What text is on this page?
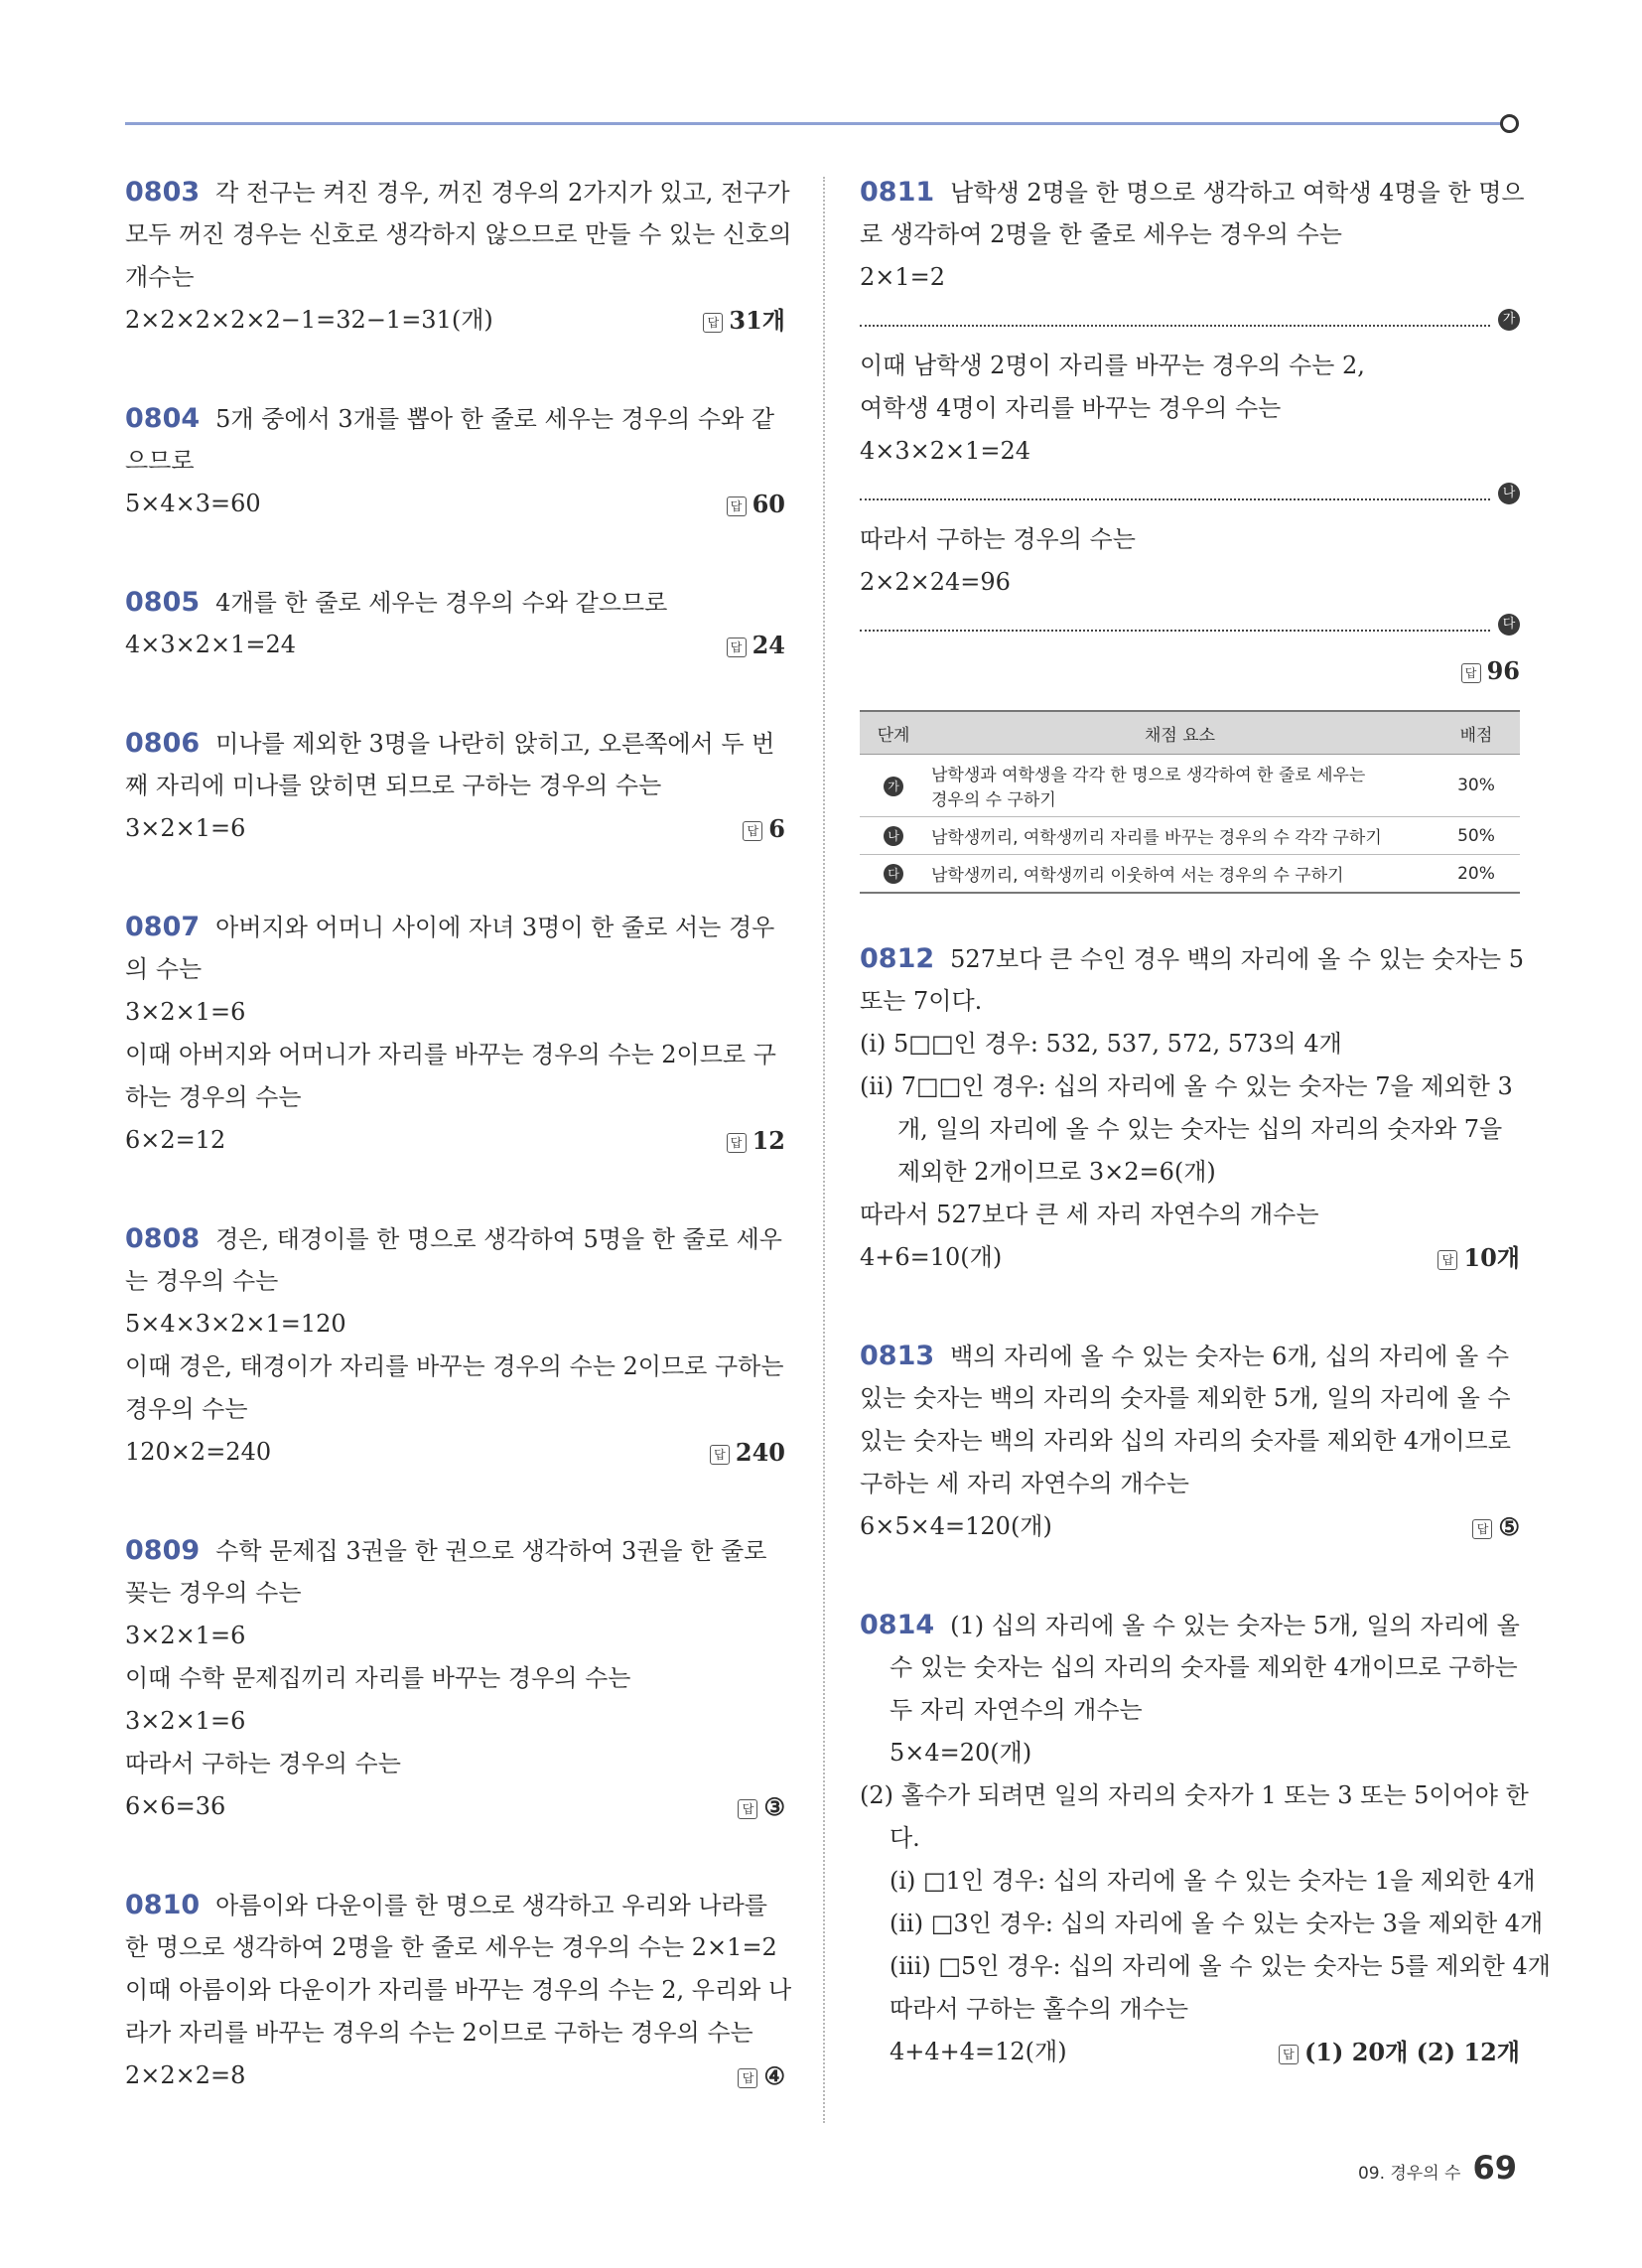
0803 각 전구는 켜진 경우, 꺼진 경우의 2가지가 있고, 전구가
모두 꺼진 경우는 신호로 생각하지 않으므로 만들 수 있는 신호의
개수는
2×2×2×2×2−1=32−1=31(개)	답 31개
0804 5개 중에서 3개를 뽑아 한 줄로 세우는 경우의 수와 같
으므로
5×4×3=60	답 60
0805 4개를 한 줄로 세우는 경우의 수와 같으므로
4×3×2×1=24	답 24
0806 미나를 제외한 3명을 나란히 앉히고, 오른쪽에서 두 번
째 자리에 미나를 앉히면 되므로 구하는 경우의 수는
3×2×1=6	답 6
0807 아버지와 어머니 사이에 자녀 3명이 한 줄로 서는 경우
의 수는
3×2×1=6
이때 아버지와 어머니가 자리를 바꾸는 경우의 수는 2이므로 구
하는 경우의 수는
6×2=12	답 12
0808 경은, 태경이를 한 명으로 생각하여 5명을 한 줄로 세우
는 경우의 수는
5×4×3×2×1=120
이때 경은, 태경이가 자리를 바꾸는 경우의 수는 2이므로 구하는
경우의 수는
120×2=240	답 240
0809 수학 문제집 3권을 한 권으로 생각하여 3권을 한 줄로
꽂는 경우의 수는
3×2×1=6
이때 수학 문제집끼리 자리를 바꾸는 경우의 수는
3×2×1=6
따라서 구하는 경우의 수는
6×6=36	답 ③
0810 아름이와 다운이를 한 명으로 생각하고 우리와 나라를
한 명으로 생각하여 2명을 한 줄로 세우는 경우의 수는 2×1=2
이때 아름이와 다운이가 자리를 바꾸는 경우의 수는 2, 우리와 나
라가 자리를 바꾸는 경우의 수는 2이므로 구하는 경우의 수는
2×2×2=8	답 ④
0811 남학생 2명을 한 명으로 생각하고 여학생 4명을 한 명으
로 생각하여 2명을 한 줄로 세우는 경우의 수는
2×1=2
가
이때 남학생 2명이 자리를 바꾸는 경우의 수는 2,
여학생 4명이 자리를 바꾸는 경우의 수는
4×3×2×1=24
나
따라서 구하는 경우의 수는
2×2×24=96
다
답 96
단계	채점 요소	배점
가	남학생과 여학생을 각각 한 명으로 생각하여 한 줄로 세우는
경우의 수 구하기	30%
나	남학생끼리, 여학생끼리 자리를 바꾸는 경우의 수 각각 구하기	50%
다	남학생끼리, 여학생끼리 이웃하여 서는 경우의 수 구하기	20%
0812 527보다 큰 수인 경우 백의 자리에 올 수 있는 숫자는 5
또는 7이다.
(ⅰ) 5□□인 경우: 532, 537, 572, 573의 4개
(ⅱ) 7□□인 경우: 십의 자리에 올 수 있는 숫자는 7을 제외한 3
개, 일의 자리에 올 수 있는 숫자는 십의 자리의 숫자와 7을
제외한 2개이므로 3×2=6(개)
따라서 527보다 큰 세 자리 자연수의 개수는
4+6=10(개)	답 10개
0813 백의 자리에 올 수 있는 숫자는 6개, 십의 자리에 올 수
있는 숫자는 백의 자리의 숫자를 제외한 5개, 일의 자리에 올 수
있는 숫자는 백의 자리와 십의 자리의 숫자를 제외한 4개이므로
구하는 세 자리 자연수의 개수는
6×5×4=120(개)	답 ⑤
0814 (1) 십의 자리에 올 수 있는 숫자는 5개, 일의 자리에 올
수 있는 숫자는 십의 자리의 숫자를 제외한 4개이므로 구하는
두 자리 자연수의 개수는
5×4=20(개)
(2) 홀수가 되려면 일의 자리의 숫자가 1 또는 3 또는 5이어야 한
다.
(ⅰ) □1인 경우: 십의 자리에 올 수 있는 숫자는 1을 제외한 4개
(ⅱ) □3인 경우: 십의 자리에 올 수 있는 숫자는 3을 제외한 4개
(ⅲ) □5인 경우: 십의 자리에 올 수 있는 숫자는 5를 제외한 4개
따라서 구하는 홀수의 개수는
4+4+4=12(개)	답 (1) 20개 (2) 12개
09. 경우의 수 69
